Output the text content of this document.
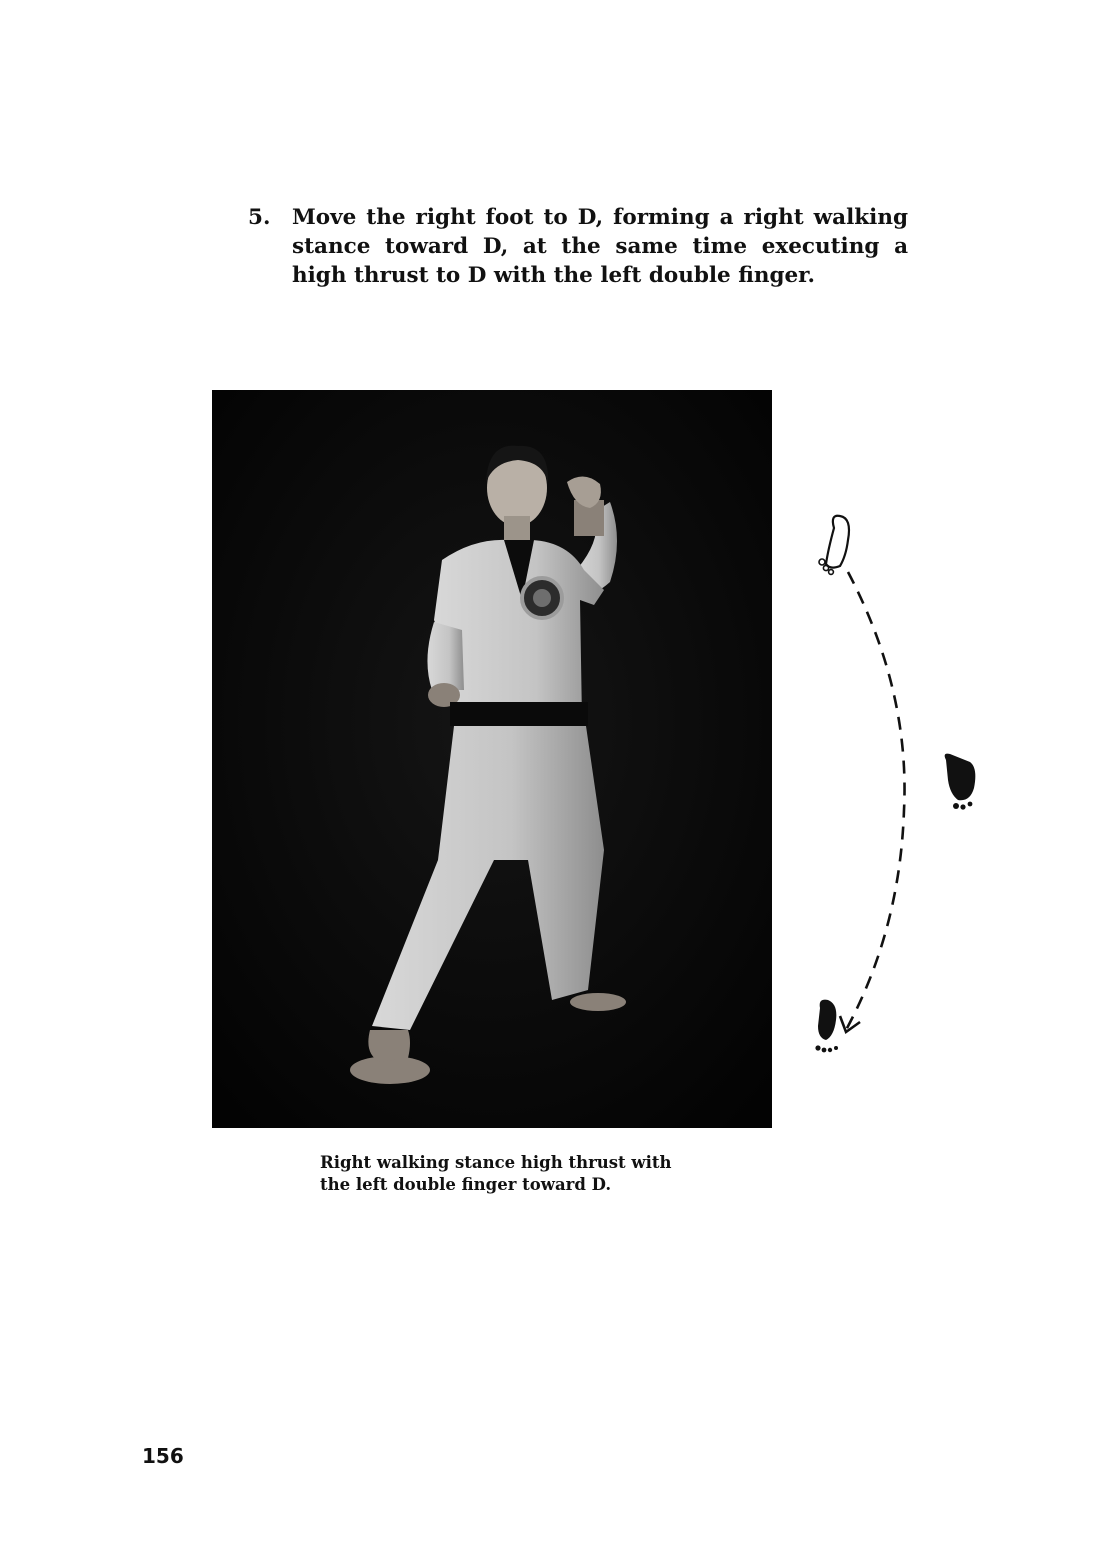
5.	Move the right foot to D, forming a right walking stance toward D, at the same time executing a high thrust to D with the left double finger.
Right walking stance high thrust with
the left double finger toward D.
156
